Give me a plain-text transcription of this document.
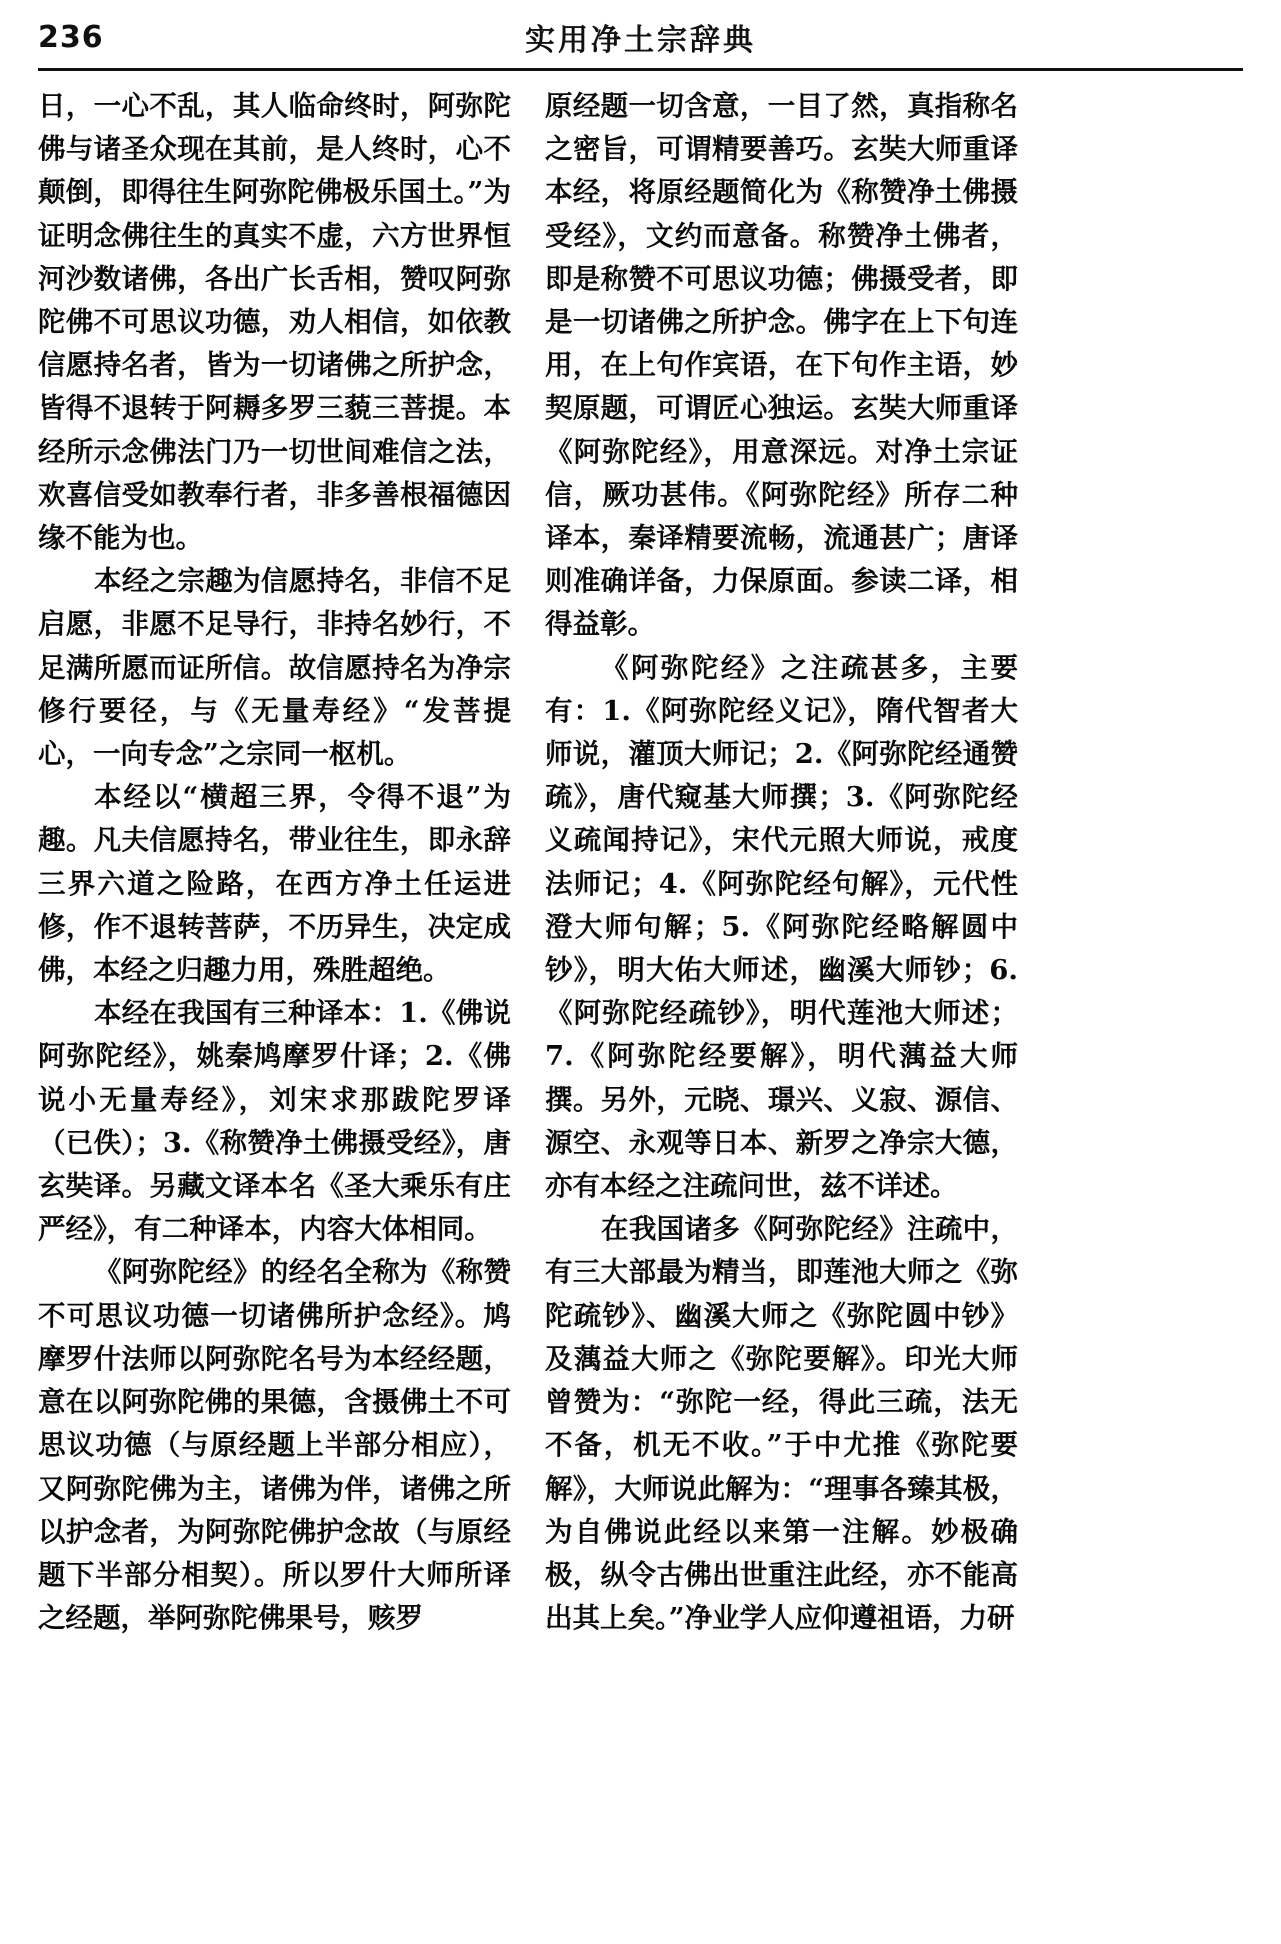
236	实用净土宗辞典

日，一心不乱，其人临命终时，阿弥陀佛与诸圣众现在其前，是人终时，心不颠倒，即得往生阿弥陀佛极乐国土。”为证明念佛往生的真实不虚，六方世界恒河沙数诸佛，各出广长舌相，赞叹阿弥陀佛不可思议功德，劝人相信，如依教信愿持名者，皆为一切诸佛之所护念，皆得不退转于阿耨多罗三藐三菩提。本经所示念佛法门乃一切世间难信之法，欢喜信受如教奉行者，非多善根福德因缘不能为也。

本经之宗趣为信愿持名，非信不足启愿，非愿不足导行，非持名妙行，不足满所愿而证所信。故信愿持名为净宗修行要径，与《无量寿经》“发菩提心，一向专念”之宗同一枢机。

本经以“横超三界，令得不退”为趣。凡夫信愿持名，带业往生，即永辞三界六道之险路，在西方净土任运进修，作不退转菩萨，不历异生，决定成佛，本经之归趣力用，殊胜超绝。

本经在我国有三种译本：1.《佛说阿弥陀经》，姚秦鸠摩罗什译；2.《佛说小无量寿经》，刘宋求那跋陀罗译（已佚）；3.《称赞净土佛摄受经》，唐玄奘译。另藏文译本名《圣大乘乐有庄严经》，有二种译本，内容大体相同。

《阿弥陀经》的经名全称为《称赞不可思议功德一切诸佛所护念经》。鸠摩罗什法师以阿弥陀名号为本经经题，意在以阿弥陀佛的果德，含摄佛土不可思议功德（与原经题上半部分相应），又阿弥陀佛为主，诸佛为伴，诸佛之所以护念者，为阿弥陀佛护念故（与原经题下半部分相契）。所以罗什大师所译之经题，举阿弥陀佛果号，赅罗

原经题一切含意，一目了然，真指称名之密旨，可谓精要善巧。玄奘大师重译本经，将原经题简化为《称赞净土佛摄受经》，文约而意备。称赞净土佛者，即是称赞不可思议功德；佛摄受者，即是一切诸佛之所护念。佛字在上下句连用，在上句作宾语，在下句作主语，妙契原题，可谓匠心独运。玄奘大师重译《阿弥陀经》，用意深远。对净土宗证信，厥功甚伟。《阿弥陀经》所存二种译本，秦译精要流畅，流通甚广；唐译则准确详备，力保原面。参读二译，相得益彰。

《阿弥陀经》之注疏甚多，主要有：1.《阿弥陀经义记》，隋代智者大师说，灌顶大师记；2.《阿弥陀经通赞疏》，唐代窥基大师撰；3.《阿弥陀经义疏闻持记》，宋代元照大师说，戒度法师记；4.《阿弥陀经句解》，元代性澄大师句解；5.《阿弥陀经略解圆中钞》，明大佑大师述，幽溪大师钞；6.《阿弥陀经疏钞》，明代莲池大师述；7.《阿弥陀经要解》，明代蕅益大师撰。另外，元晓、璟兴、义寂、源信、源空、永观等日本、新罗之净宗大德，亦有本经之注疏问世，兹不详述。

在我国诸多《阿弥陀经》注疏中，有三大部最为精当，即莲池大师之《弥陀疏钞》、幽溪大师之《弥陀圆中钞》及蕅益大师之《弥陀要解》。印光大师曾赞为：“弥陀一经，得此三疏，法无不备，机无不收。”于中尤推《弥陀要解》，大师说此解为：“理事各臻其极，为自佛说此经以来第一注解。妙极确极，纵令古佛出世重注此经，亦不能高出其上矣。”净业学人应仰遵祖语，力研
